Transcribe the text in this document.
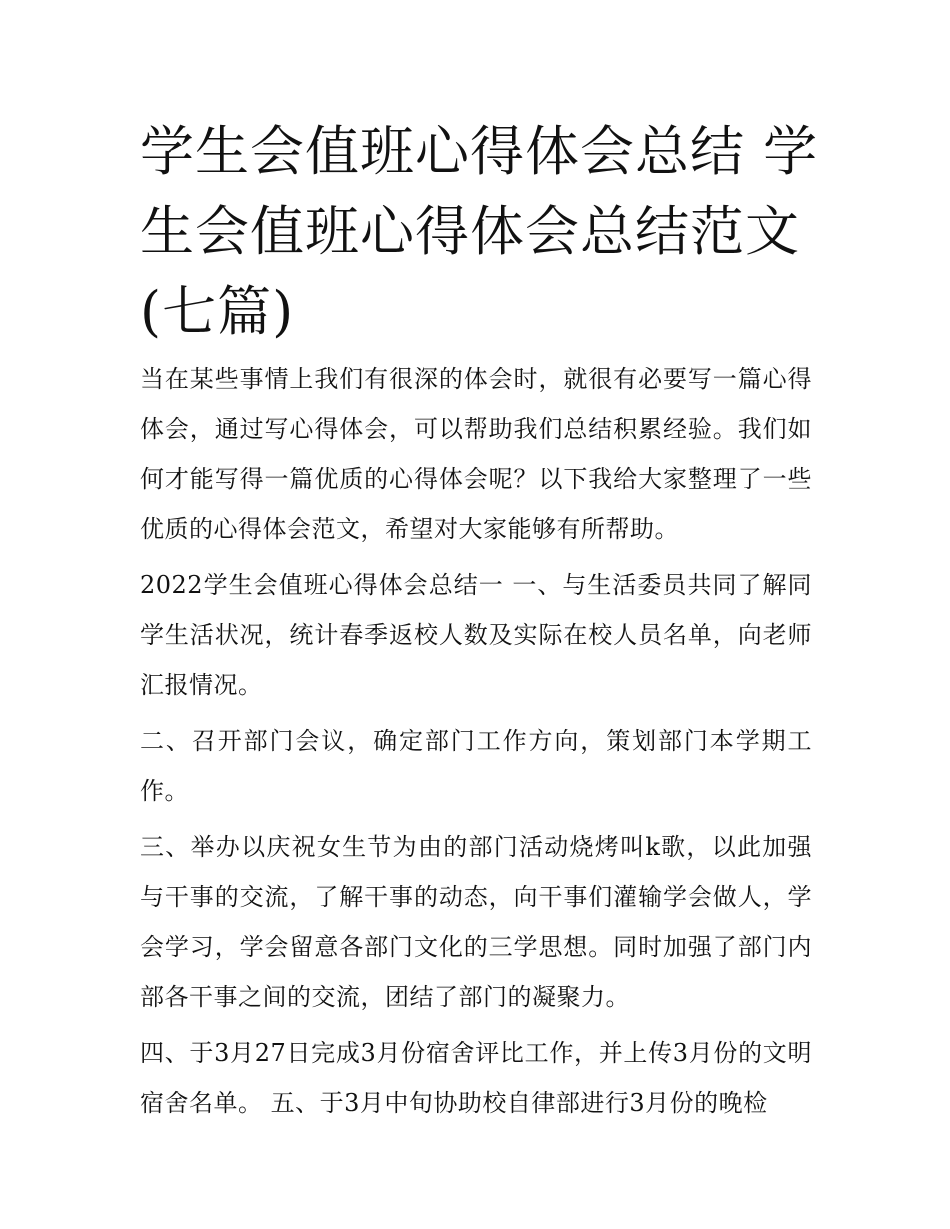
学生会值班心得体会总结 学生会值班心得体会总结范文(七篇)

当在某些事情上我们有很深的体会时，就很有必要写一篇心得体会，通过写心得体会，可以帮助我们总结积累经验。我们如何才能写得一篇优质的心得体会呢？以下我给大家整理了一些优质的心得体会范文，希望对大家能够有所帮助。

2022学生会值班心得体会总结一 一、与生活委员共同了解同学生活状况，统计春季返校人数及实际在校人员名单，向老师汇报情况。

二、召开部门会议，确定部门工作方向，策划部门本学期工作。

三、举办以庆祝女生节为由的部门活动烧烤叫k歌，以此加强与干事的交流，了解干事的动态，向干事们灌输学会做人，学会学习，学会留意各部门文化的三学思想。同时加强了部门内部各干事之间的交流，团结了部门的凝聚力。

四、于3月27日完成3月份宿舍评比工作，并上传3月份的文明宿舍名单。 五、于3月中旬协助校自律部进行3月份的晚检
